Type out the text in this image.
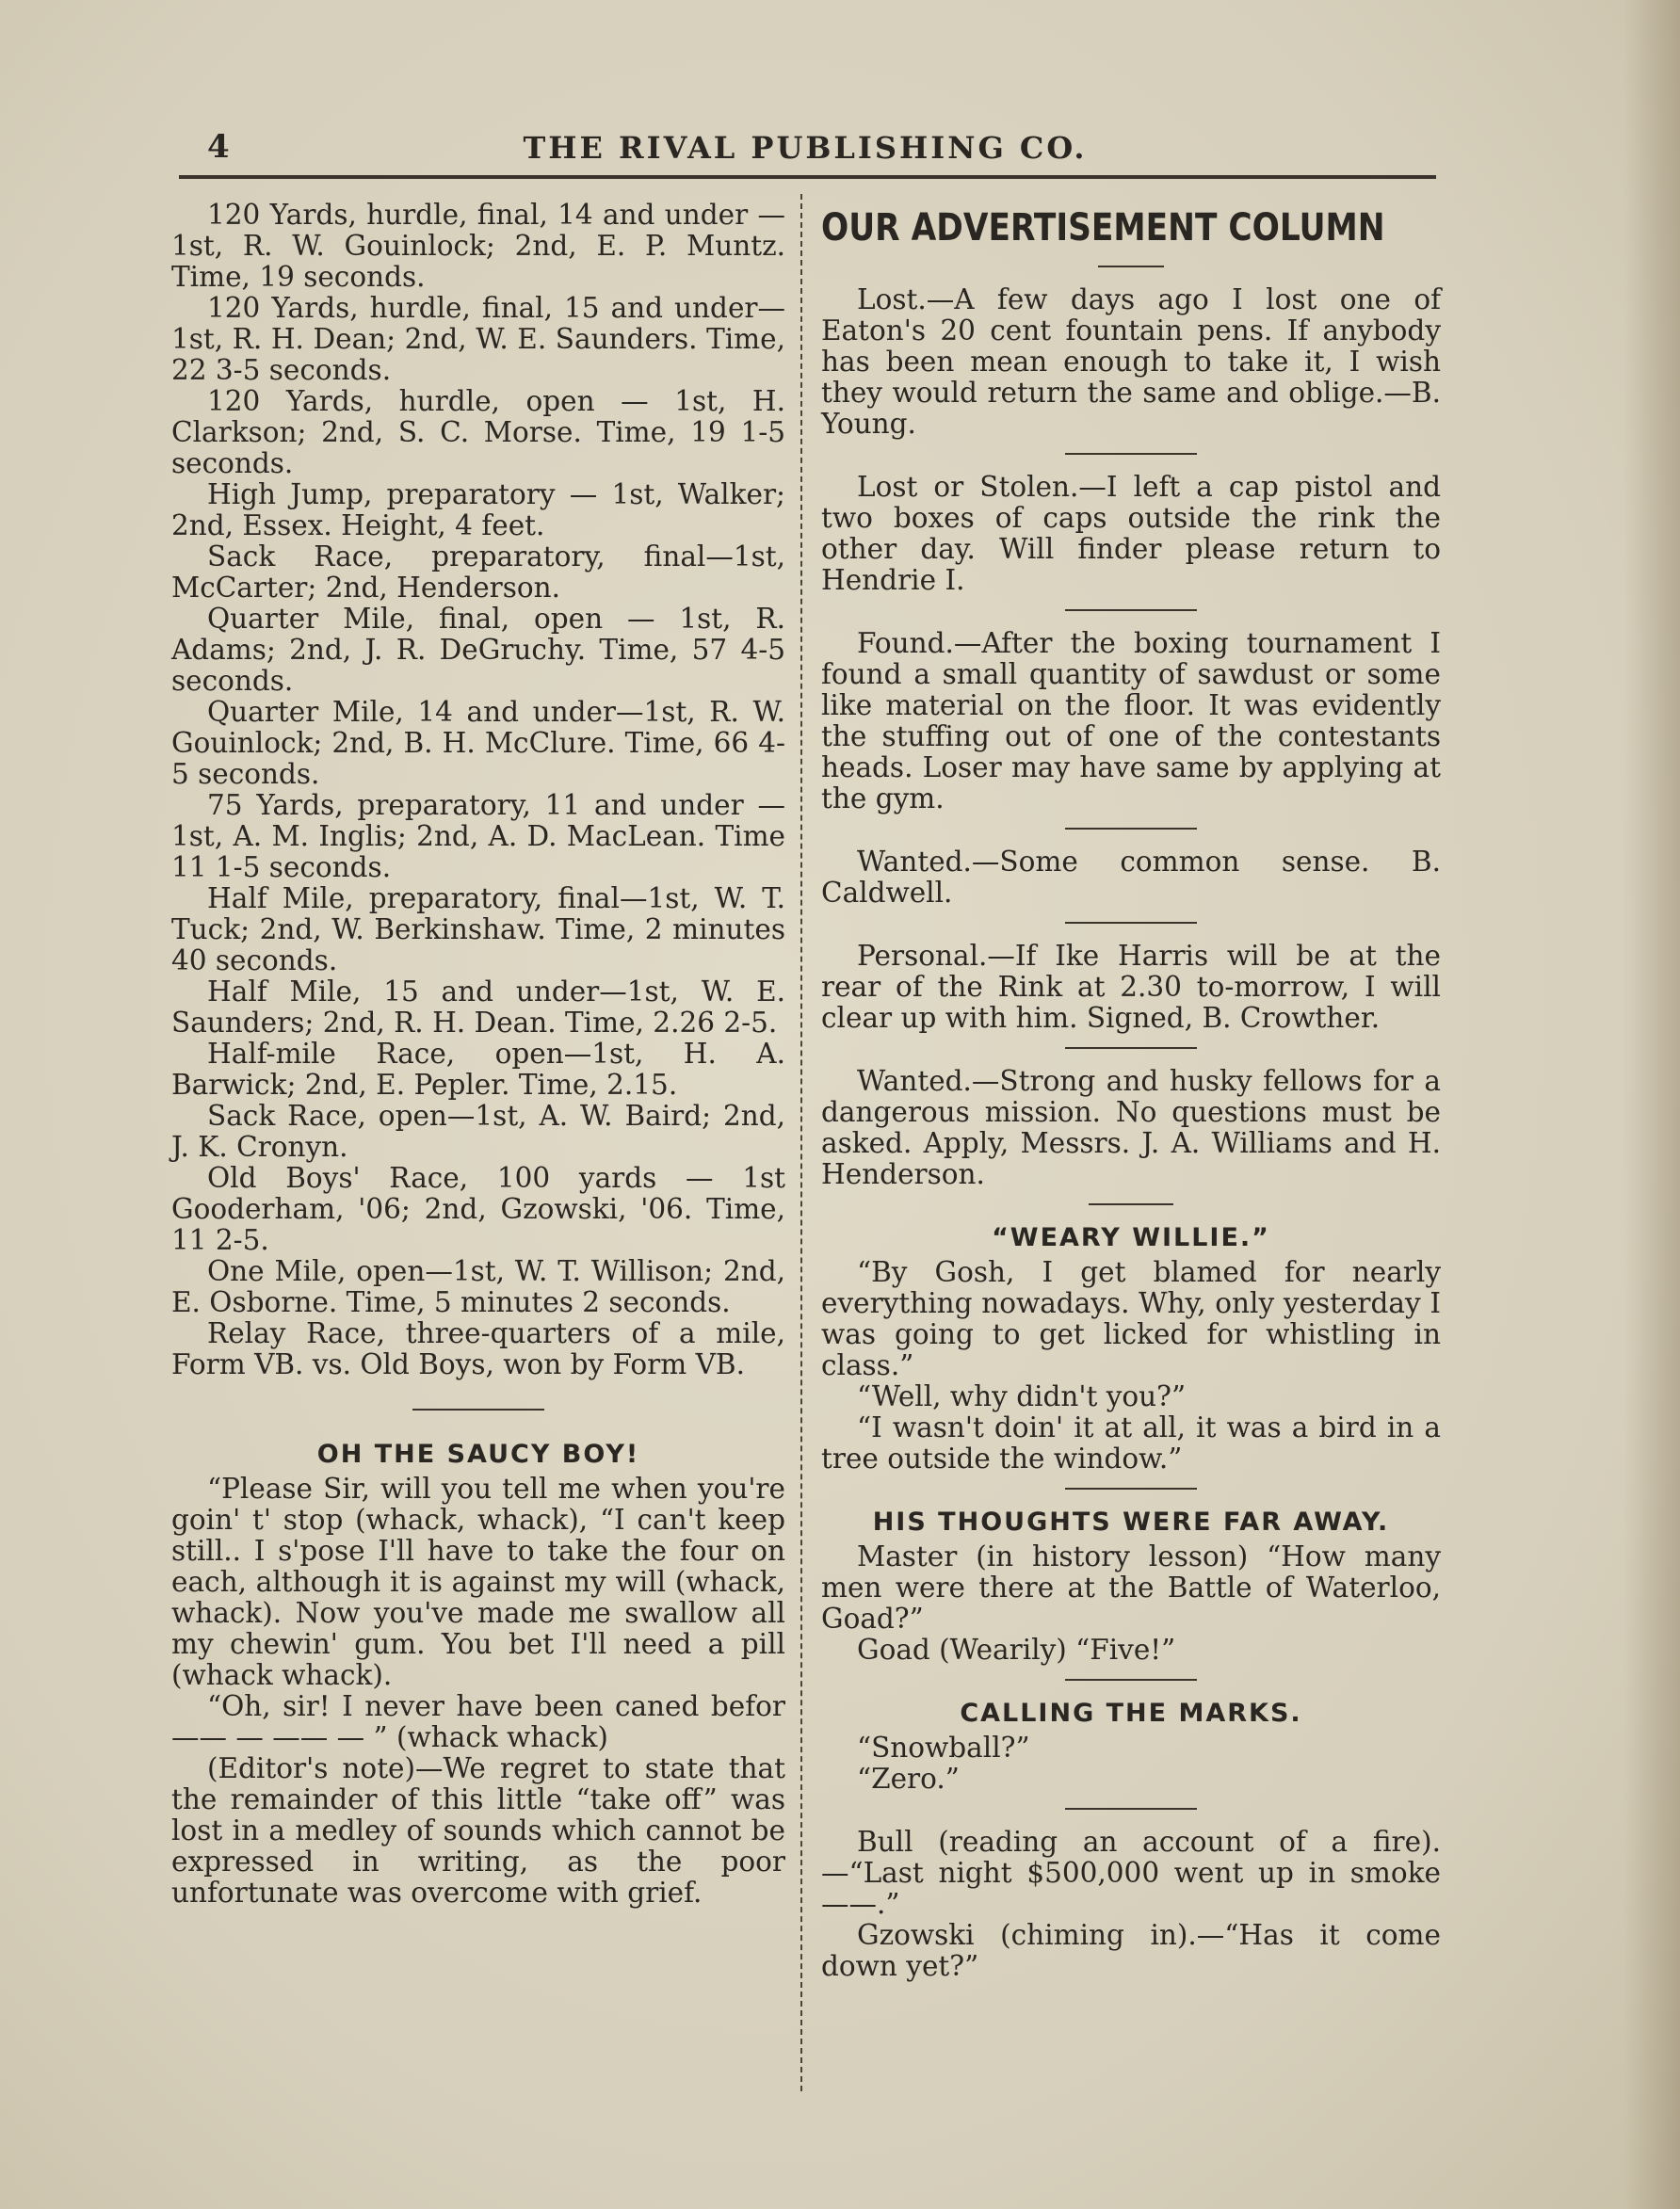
4	THE RIVAL PUBLISHING CO.

120 Yards, hurdle, final, 14 and under —1st, R. W. Gouinlock; 2nd, E. P. Muntz. Time, 19 seconds.

120 Yards, hurdle, final, 15 and under—1st, R. H. Dean; 2nd, W. E. Saunders. Time, 22 3-5 seconds.

120 Yards, hurdle, open — 1st, H. Clarkson; 2nd, S. C. Morse. Time, 19 1-5 seconds.

High Jump, preparatory — 1st, Walker; 2nd, Essex. Height, 4 feet.

Sack Race, preparatory, final—1st, McCarter; 2nd, Henderson.

Quarter Mile, final, open — 1st, R. Adams; 2nd, J. R. DeGruchy. Time, 57 4-5 seconds.

Quarter Mile, 14 and under—1st, R. W. Gouinlock; 2nd, B. H. McClure. Time, 66 4-5 seconds.

75 Yards, preparatory, 11 and under —1st, A. M. Inglis; 2nd, A. D. MacLean. Time 11 1-5 seconds.

Half Mile, preparatory, final—1st, W. T. Tuck; 2nd, W. Berkinshaw. Time, 2 minutes 40 seconds.

Half Mile, 15 and under—1st, W. E. Saunders; 2nd, R. H. Dean. Time, 2.26 2-5.

Half-mile Race, open—1st, H. A. Barwick; 2nd, E. Pepler. Time, 2.15.

Sack Race, open—1st, A. W. Baird; 2nd, J. K. Cronyn.

Old Boys' Race, 100 yards — 1st Gooderham, '06; 2nd, Gzowski, '06. Time, 11 2-5.

One Mile, open—1st, W. T. Willison; 2nd, E. Osborne. Time, 5 minutes 2 seconds.

Relay Race, three-quarters of a mile, Form VB. vs. Old Boys, won by Form VB.

OH THE SAUCY BOY!

“Please Sir, will you tell me when you're goin' t' stop (whack, whack), “I can't keep still.. I s'pose I'll have to take the four on each, although it is against my will (whack, whack). Now you've made me swallow all my chewin' gum. You bet I'll need a pill (whack whack).

“Oh, sir! I never have been caned befor—— — —— — ” (whack whack)

(Editor's note)—We regret to state that the remainder of this little “take off” was lost in a medley of sounds which cannot be expressed in writing, as the poor unfortunate was overcome with grief.

OUR ADVERTISEMENT COLUMN

Lost.—A few days ago I lost one of Eaton's 20 cent fountain pens. If anybody has been mean enough to take it, I wish they would return the same and oblige.—B. Young.

Lost or Stolen.—I left a cap pistol and two boxes of caps outside the rink the other day. Will finder please return to Hendrie I.

Found.—After the boxing tournament I found a small quantity of sawdust or some like material on the floor. It was evidently the stuffing out of one of the contestants heads. Loser may have same by applying at the gym.

Wanted.—Some common sense. B. Caldwell.

Personal.—If Ike Harris will be at the rear of the Rink at 2.30 to-morrow, I will clear up with him. Signed, B. Crowther.

Wanted.—Strong and husky fellows for a dangerous mission. No questions must be asked. Apply, Messrs. J. A. Williams and H. Henderson.

“WEARY WILLIE.”

“By Gosh, I get blamed for nearly everything nowadays. Why, only yesterday I was going to get licked for whistling in class.”

“Well, why didn't you?”

“I wasn't doin' it at all, it was a bird in a tree outside the window.”

HIS THOUGHTS WERE FAR AWAY.

Master (in history lesson) “How many men were there at the Battle of Waterloo, Goad?”

Goad (Wearily) “Five!”

CALLING THE MARKS.

“Snowball?”

“Zero.”

Bull (reading an account of a fire). —“Last night $500,000 went up in smoke——.”

Gzowski (chiming in).—“Has it come down yet?”
